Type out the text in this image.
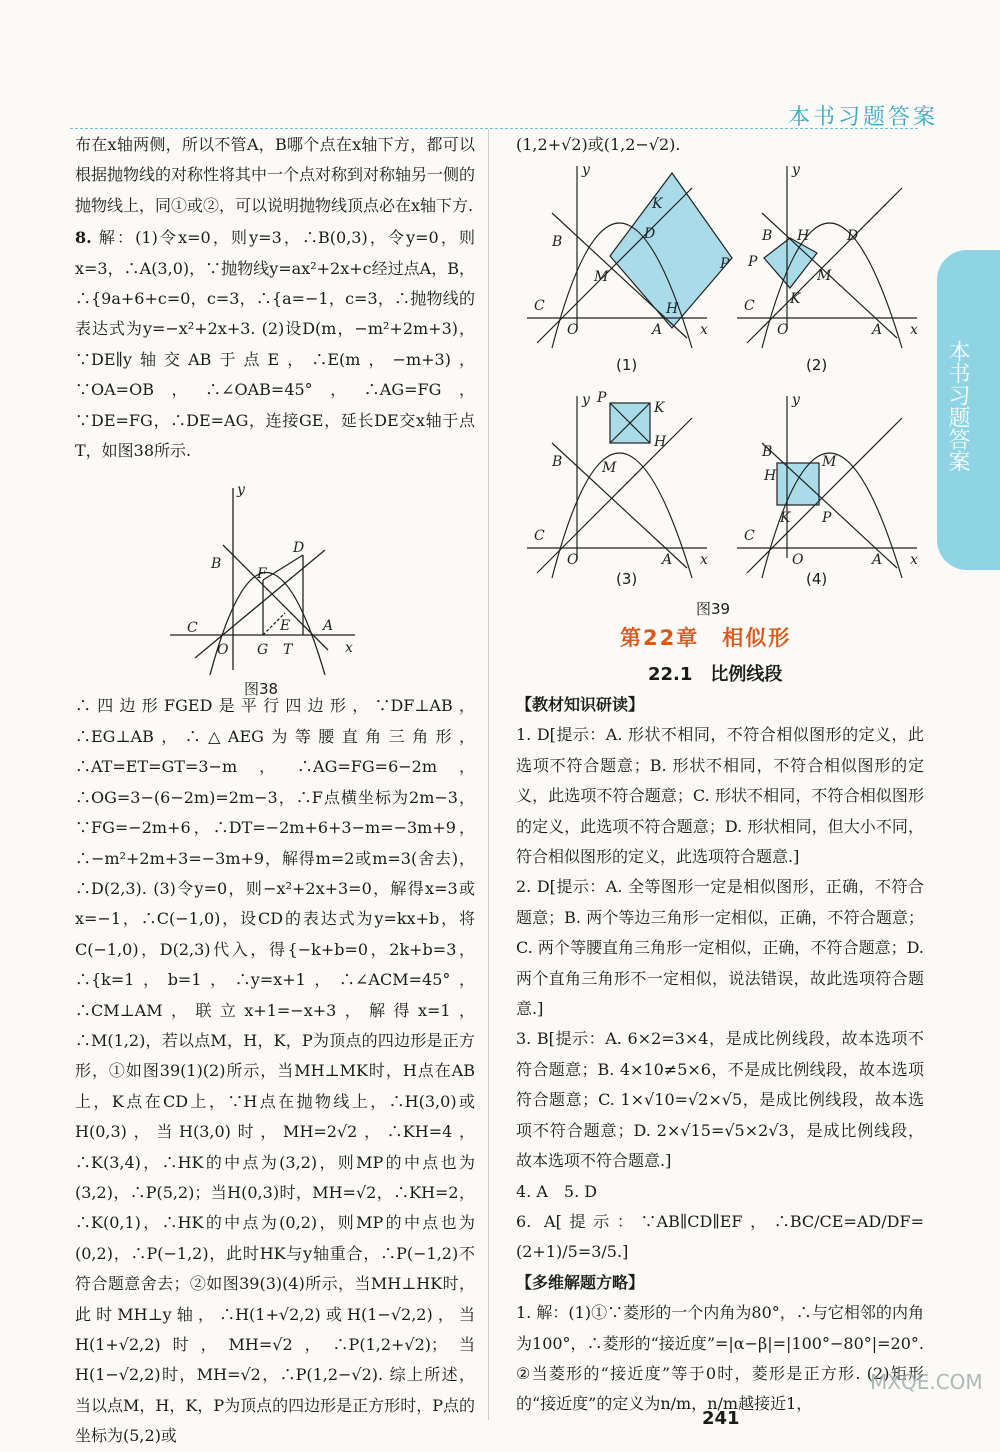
本书习题答案
本书习题答案

布在x轴两侧，所以不管A，B哪个点在x轴下方，都可以根据抛物线的对称性将其中一个点对称到对称轴另一侧的抛物线上，同①或②，可以说明抛物线顶点必在x轴下方.

8. 解：(1)令x=0，则y=3，∴B(0,3)，令y=0，则x=3，∴A(3,0)，∵抛物线y=ax²+2x+c经过点A，B，∴{9a+6+c=0，c=3，∴{a=−1，c=3，∴抛物线的表达式为y=−x²+2x+3. (2)设D(m，−m²+2m+3)，∵DE∥y轴交AB于点E，∴E(m，−m+3)，∵OA=OB，∴∠OAB=45°，∴AG=FG，∵DE=FG，∴DE=AG，连接GE，延长DE交x轴于点T，如图38所示.

∴四边形FGED是平行四边形，∵DF⊥AB，∴EG⊥AB，∴△AEG为等腰直角三角形，∴AT=ET=GT=3−m，∴AG=FG=6−2m，∴OG=3−(6−2m)=2m−3，∴F点横坐标为2m−3，∵FG=−2m+6，∴DT=−2m+6+3−m=−3m+9，∴−m²+2m+3=−3m+9，解得m=2或m=3(舍去)，∴D(2,3). (3)令y=0，则−x²+2x+3=0，解得x=3或x=−1，∴C(−1,0)，设CD的表达式为y=kx+b，将C(−1,0)，D(2,3)代入，得{−k+b=0，2k+b=3，∴{k=1，b=1，∴y=x+1，∴∠ACM=45°，∴CM⊥AM，联立x+1=−x+3，解得x=1，∴M(1,2)，若以点M，H，K，P为顶点的四边形是正方形，①如图39(1)(2)所示，当MH⊥MK时，H点在AB上，K点在CD上，∵H点在抛物线上，∴H(3,0)或H(0,3)，当H(3,0)时，MH=2√2，∴KH=4，∴K(3,4)，∴HK的中点为(3,2)，则MP的中点也为(3,2)，∴P(5,2)；当H(0,3)时，MH=√2，∴KH=2，∴K(0,1)，∴HK的中点为(0,2)，则MP的中点也为(0,2)，∴P(−1,2)，此时HK与y轴重合，∴P(−1,2)不符合题意舍去；②如图39(3)(4)所示，当MH⊥HK时，此时MH⊥y轴，∴H(1+√2,2)或H(1−√2,2)，当H(1+√2,2)时，MH=√2，∴P(1,2+√2)；当H(1−√2,2)时，MH=√2，∴P(1,2−√2). 综上所述，当以点M，H，K，P为顶点的四边形是正方形时，P点的坐标为(5,2)或

y
x
B
D
F
E A
C
O G T
图38

(1,2+√2)或(1,2−√2).

y
x
C
O	A
B
K
D
M
H
P
y
x
C
O	A
B H	D
M
K
P
y
x
C
O	A
B
P
K
H
M
y
x
C
O	A
B
H
M
K P
(1)	(2)
(3)	(4)
图39
第22章　相似形
22.1　比例线段

【教材知识研读】

1. D[提示：A. 形状不相同，不符合相似图形的定义，此选项不符合题意；B. 形状不相同，不符合相似图形的定义，此选项不符合题意；C. 形状不相同，不符合相似图形的定义，此选项不符合题意；D. 形状相同，但大小不同，符合相似图形的定义，此选项符合题意.]

2. D[提示：A. 全等图形一定是相似图形，正确，不符合题意；B. 两个等边三角形一定相似，正确，不符合题意；C. 两个等腰直角三角形一定相似，正确，不符合题意；D. 两个直角三角形不一定相似，说法错误，故此选项符合题意.]

3. B[提示：A. 6×2=3×4，是成比例线段，故本选项不符合题意；B. 4×10≠5×6，不是成比例线段，故本选项符合题意；C. 1×√10=√2×√5，是成比例线段，故本选项不符合题意；D. 2×√15=√5×2√3，是成比例线段，故本选项不符合题意.]

4. A　5. D

6. A[提示：∵AB∥CD∥EF，∴BC/CE=AD/DF=(2+1)/5=3/5.]

【多维解题方略】

1. 解：(1)①∵菱形的一个内角为80°，∴与它相邻的内角为100°，∴菱形的“接近度”=|α−β|=|100°−80°|=20°. ②当菱形的“接近度”等于0时，菱形是正方形. (2)矩形的“接近度”的定义为n/m，n/m越接近1，

241
MXQE.COM
